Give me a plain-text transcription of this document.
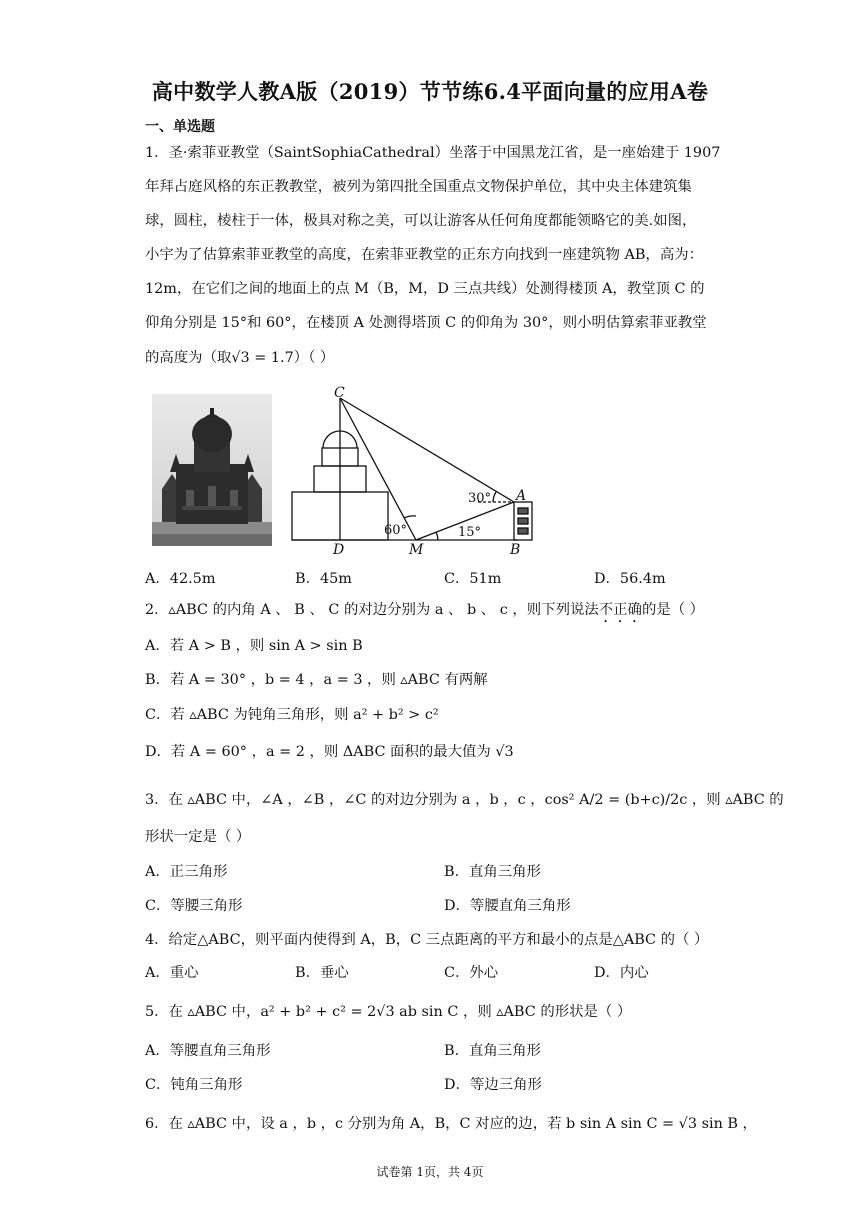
高中数学人教A版（2019）节节练6.4平面向量的应用A卷
一、单选题
1．圣·索菲亚教堂（SaintSophiaCathedral）坐落于中国黑龙江省，是一座始建于 1907
年拜占庭风格的东正教教堂，被列为第四批全国重点文物保护单位，其中央主体建筑集
球，圆柱，棱柱于一体，极具对称之美，可以让游客从任何角度都能领略它的美.如图，
小宇为了估算索菲亚教堂的高度，在索菲亚教堂的正东方向找到一座建筑物 AB，高为：
12m，在它们之间的地面上的点 M（B，M，D 三点共线）处测得楼顶 A，教堂顶 C 的
仰角分别是 15°和 60°，在楼顶 A 处测得塔顶 C 的仰角为 30°，则小明估算索菲亚教堂
的高度为（取√3 = 1.7）（ ）
C
A
D	M	B
30°
60°	15°
A．42.5m	B．45m	C．51m	D．56.4m
2．▵ABC 的内角 A 、 B 、 C 的对边分别为 a 、 b 、 c ，则下列说法不正确的是（ ）
A．若 A > B ，则 sin A > sin B
B．若 A = 30° ，b = 4 ，a = 3 ，则 ▵ABC 有两解
C．若 ▵ABC 为钝角三角形，则 a² + b² > c²
D．若 A = 60° ，a = 2 ，则 ΔABC 面积的最大值为 √3
3．在 ▵ABC 中，∠A ，∠B ，∠C 的对边分别为 a ，b ，c ，cos² A/2 = (b+c)/2c ，则 ▵ABC 的
形状一定是（ ）
A．正三角形	B．直角三角形
C．等腰三角形	D．等腰直角三角形
4．给定△ABC，则平面内使得到 A，B，C 三点距离的平方和最小的点是△ABC 的（ ）
A．重心	B．垂心	C．外心	D．内心
5．在 ▵ABC 中，a² + b² + c² = 2√3 ab sin C ，则 ▵ABC 的形状是（ ）
A．等腰直角三角形	B．直角三角形
C．钝角三角形	D．等边三角形
6．在 ▵ABC 中，设 a ，b ，c 分别为角 A，B，C 对应的边，若 b sin A sin C = √3 sin B ，
试卷第 1页，共 4页
